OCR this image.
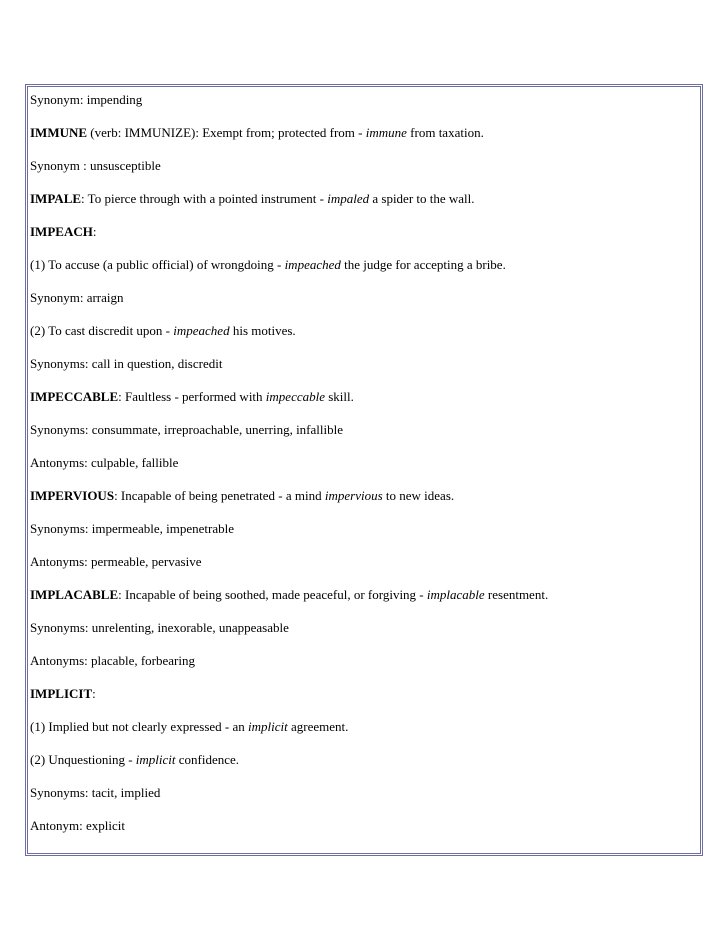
Synonym: impending
IMMUNE (verb: IMMUNIZE): Exempt from; protected from - immune from taxation.
Synonym : unsusceptible
IMPALE: To pierce through with a pointed instrument - impaled a spider to the wall.
IMPEACH:
(1) To accuse (a public official) of wrongdoing - impeached the judge for accepting a bribe.
Synonym: arraign
(2) To cast discredit upon - impeached his motives.
Synonyms: call in question, discredit
IMPECCABLE: Faultless - performed with impeccable skill.
Synonyms: consummate, irreproachable, unerring, infallible
Antonyms: culpable, fallible
IMPERVIOUS: Incapable of being penetrated - a mind impervious to new ideas.
Synonyms: impermeable, impenetrable
Antonyms: permeable, pervasive
IMPLACABLE: Incapable of being soothed, made peaceful, or forgiving - implacable resentment.
Synonyms: unrelenting, inexorable, unappeasable
Antonyms: placable, forbearing
IMPLICIT:
(1) Implied but not clearly expressed - an implicit agreement.
(2) Unquestioning - implicit confidence.
Synonyms: tacit, implied
Antonym: explicit
